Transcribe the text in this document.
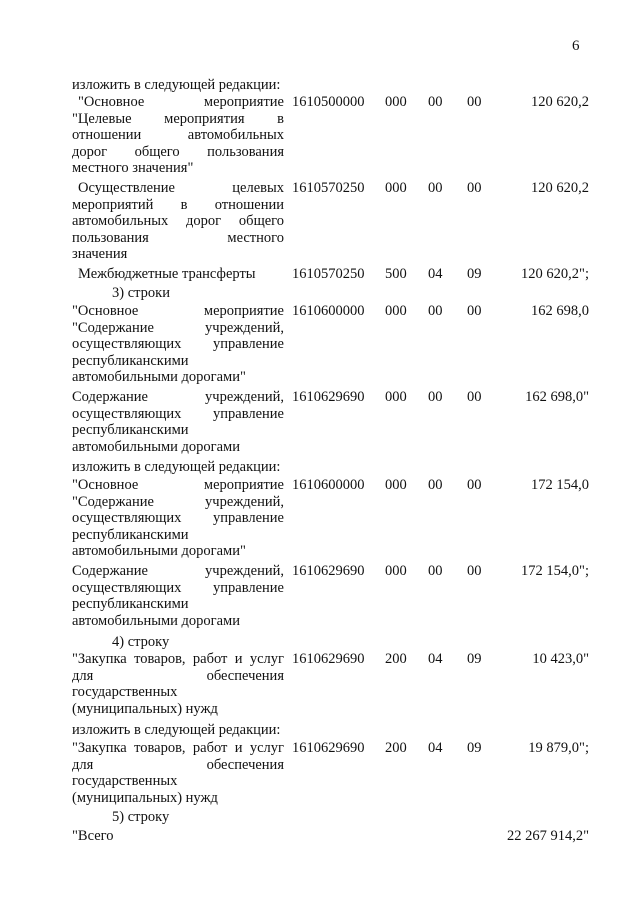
6
изложить в следующей редакции:
"Основное мероприятие
"Целевые мероприятия в
отношении автомобильных
дорог общего пользования
местного значения"
1610500000 000 00 00	120 620,2
Осуществление целевых
мероприятий в отношении
автомобильных дорог общего
пользования местного
значения
1610570250 000 00 00	120 620,2
Межбюджетные трансферты	1610570250 500 04 09	120 620,2";
3) строки
"Основное мероприятие
"Содержание учреждений,
осуществляющих управление
республиканскими
автомобильными дорогами"
1610600000 000 00 00	162 698,0
Содержание учреждений,
осуществляющих управление
республиканскими
автомобильными дорогами
1610629690 000 00 00	162 698,0"
изложить в следующей редакции:
"Основное мероприятие
"Содержание учреждений,
осуществляющих управление
республиканскими
автомобильными дорогами"
1610600000 000 00 00	172 154,0
Содержание учреждений,
осуществляющих управление
республиканскими
автомобильными дорогами
1610629690 000 00 00	172 154,0";
4) строку
"Закупка товаров, работ и услуг
для обеспечения
государственных
(муниципальных) нужд
1610629690 200 04 09	10 423,0"
изложить в следующей редакции:
"Закупка товаров, работ и услуг
для обеспечения
государственных
(муниципальных) нужд
1610629690 200 04 09	19 879,0";
5) строку
"Всего	22 267 914,2"
